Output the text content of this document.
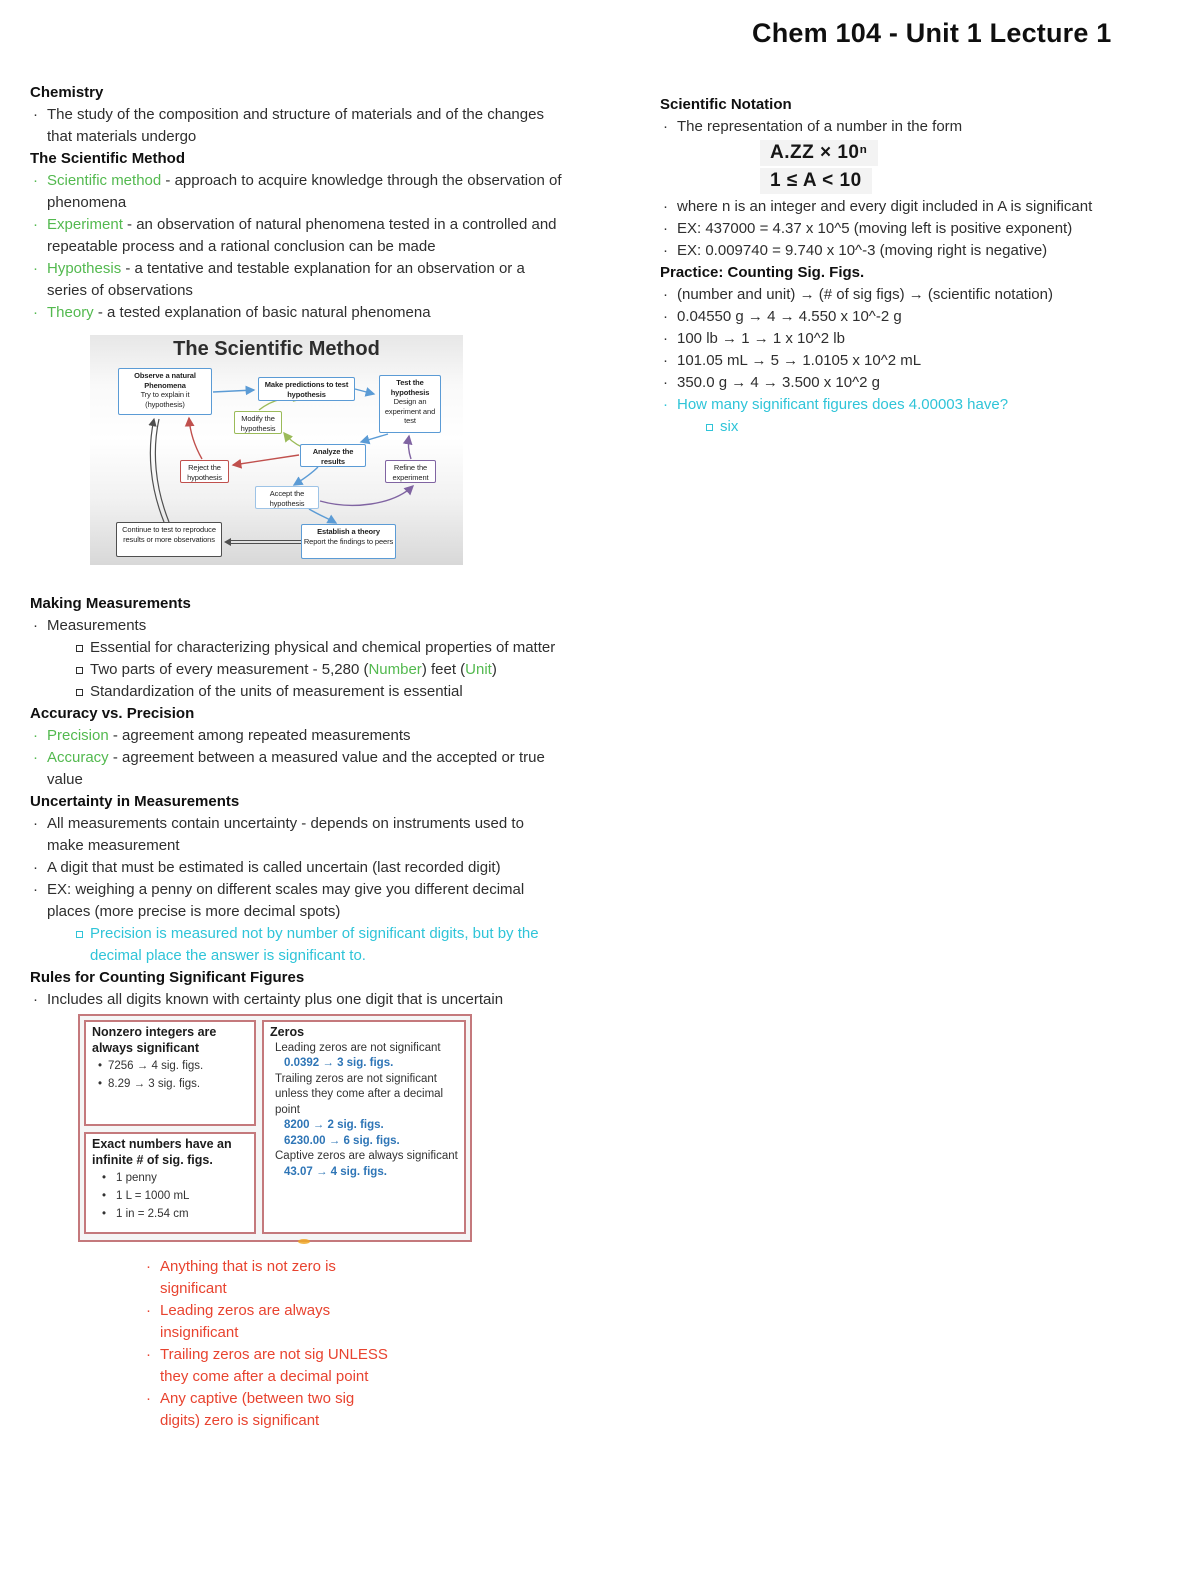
Chem 104 - Unit 1 Lecture 1
Chemistry
· The study of the composition and structure of materials and of the changes that materials undergo
The Scientific Method
· Scientific method - approach to acquire knowledge through the observation of phenomena
· Experiment - an observation of natural phenomena tested in a controlled and repeatable process and a rational conclusion can be made
· Hypothesis - a tentative and testable explanation for an observation or a series of observations
· Theory - a tested explanation of basic natural phenomena
The Scientific Method
Observe a natural Phenomena
Try to explain it (hypothesis)
Make predictions to test hypothesis
Test the hypothesis
Design an experiment and test
Modify the hypothesis
Analyze the results
Reject the hypothesis
Refine the experiment
Accept the hypothesis
Continue to test to reproduce results or more observations
Establish a theory
Report the findings to peers
Making Measurements
· Measurements
Essential for characterizing physical and chemical properties of matter
Two parts of every measurement - 5,280 (Number) feet (Unit)
Standardization of the units of measurement is essential
Accuracy vs. Precision
· Precision - agreement among repeated measurements
· Accuracy - agreement between a measured value and the accepted or true value
Uncertainty in Measurements
· All measurements contain uncertainty - depends on instruments used to make measurement
· A digit that must be estimated is called uncertain (last recorded digit)
· EX: weighing a penny on different scales may give you different decimal places (more precise is more decimal spots)
Precision is measured not by number of significant digits, but by the decimal place the answer is significant to.
Rules for Counting Significant Figures
· Includes all digits known with certainty plus one digit that is uncertain
Nonzero integers are always significant
• 7256 → 4 sig. figs.
• 8.29 → 3 sig. figs.
Exact numbers have an infinite # of sig. figs.
• 1 penny
• 1 L = 1000 mL
• 1 in = 2.54 cm
Zeros
Leading zeros are not significant
0.0392 → 3 sig. figs.
Trailing zeros are not significant unless they come after a decimal point
8200 → 2 sig. figs.
6230.00 → 6 sig. figs.
Captive zeros are always significant
43.07 → 4 sig. figs.
· Anything that is not zero is significant
· Leading zeros are always insignificant
· Trailing zeros are not sig UNLESS they come after a decimal point
· Any captive (between two sig digits) zero is significant
Scientific Notation
· The representation of a number in the form
A.ZZ × 10ⁿ
1 ≤ A < 10
· where n is an integer and every digit included in A is significant
· EX: 437000 = 4.37 x 10^5 (moving left is positive exponent)
· EX: 0.009740 = 9.740 x 10^-3 (moving right is negative)
Practice: Counting Sig. Figs.
· (number and unit) → (# of sig figs) → (scientific notation)
· 0.04550 g → 4 → 4.550 x 10^-2 g
· 100 lb → 1 → 1 x 10^2 lb
· 101.05 mL → 5 → 1.0105 x 10^2 mL
· 350.0 g → 4 → 3.500 x 10^2 g
· How many significant figures does 4.00003 have?
six
